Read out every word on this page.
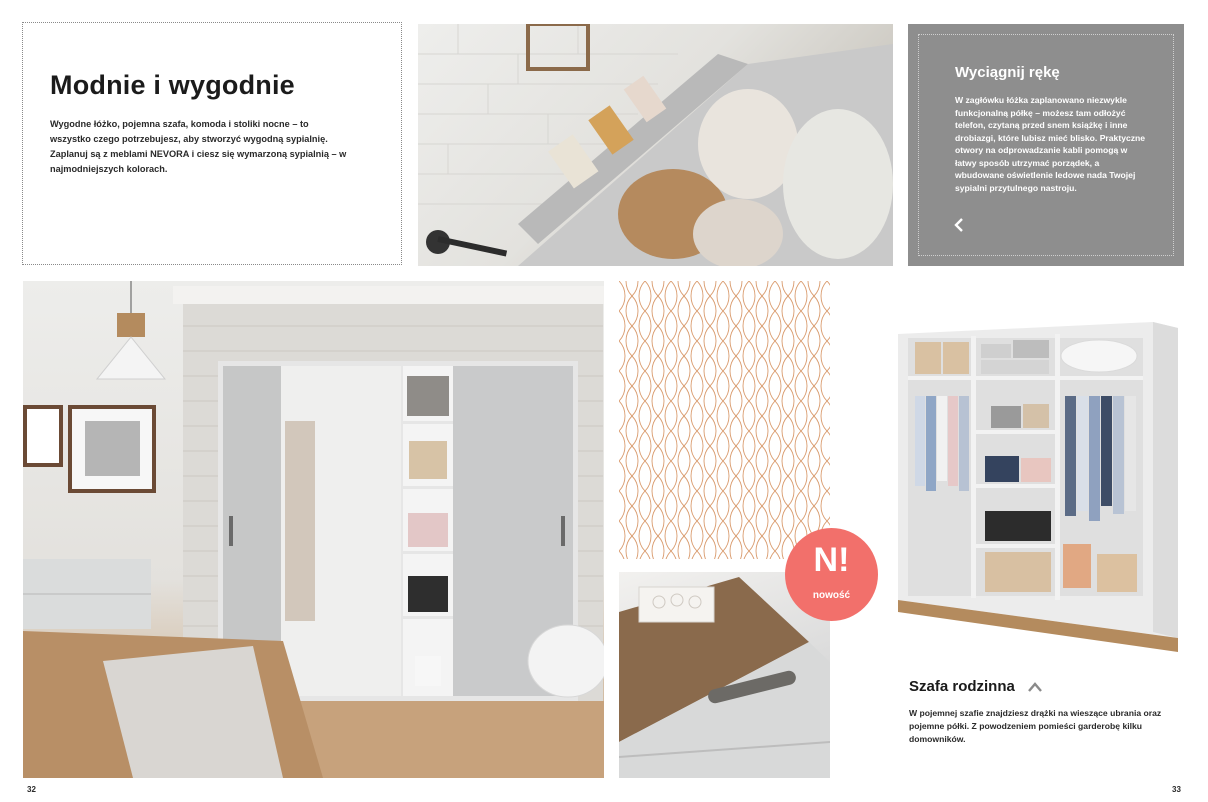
Modnie i wygodnie

Wygodne łóżko, pojemna szafa, komoda i stoliki nocne – to wszystko czego potrzebujesz, aby stworzyć wygodną sypialnię. Zaplanuj są z meblami NEVORA i ciesz się wymarzoną sypialnią – w najmodniejszych kolorach.

Wyciągnij rękę

W zagłówku łóżka zaplanowano niezwykle funkcjonalną półkę – możesz tam odłożyć telefon, czytaną przed snem książkę i inne drobiazgi, które lubisz mieć blisko. Praktyczne otwory na odprowadzanie kabli pomogą w łatwy sposób utrzymać porządek, a wbudowane oświetlenie ledowe nada Twojej sypialni przytulnego nastroju.

N!
nowość
Szafa rodzinna

W pojemnej szafie znajdziesz drążki na wieszące ubrania oraz pojemne półki. Z powodzeniem pomieści garderobę kilku domowników.

32	33
